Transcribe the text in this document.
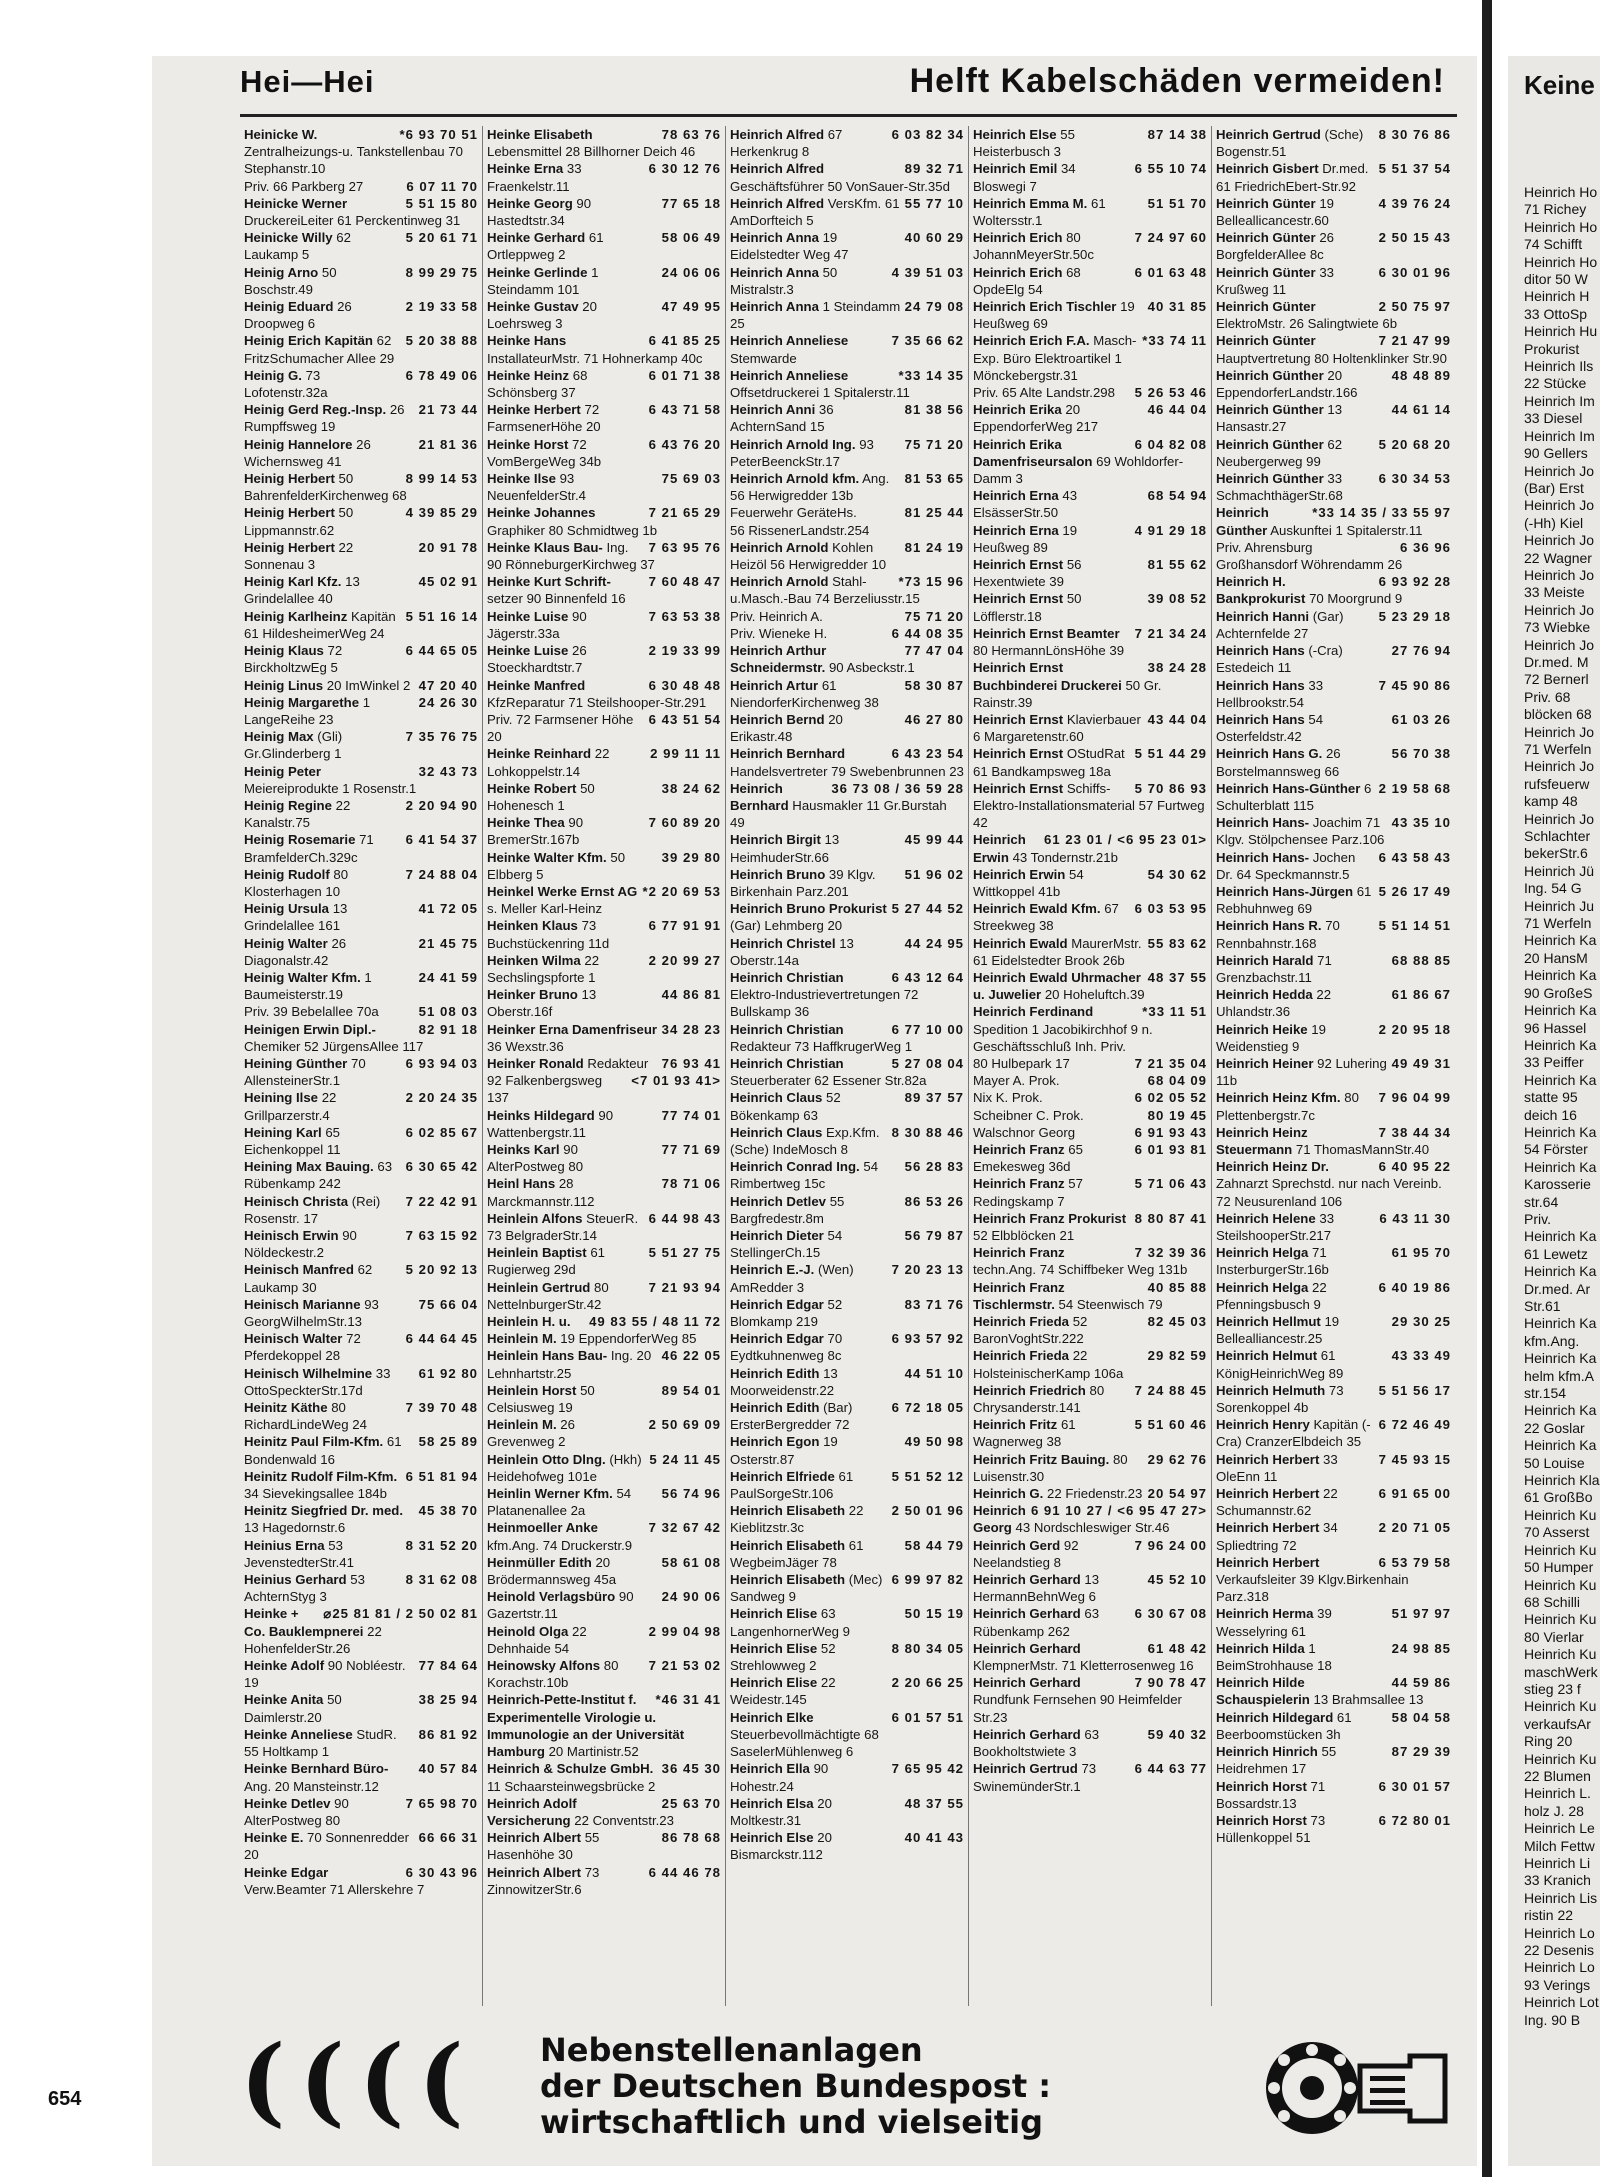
Hei—Hei	Helft Kabelschäden vermeiden!
*6 93 70 51
Heinicke W. Zentralheizungs-u. Tankstellenbau 70 Stephanstr.10
6 07 11 70
Priv. 66 Parkberg 27
5 51 15 80
Heinicke Werner DruckereiLeiter 61 Perckentinweg 31
5 20 61 71
Heinicke Willy 62 Laukamp 5
8 99 29 75
Heinig Arno 50 Boschstr.49
2 19 33 58
Heinig Eduard 26 Droopweg 6
5 20 38 88
Heinig Erich Kapitän 62 FritzSchumacher Allee 29
6 78 49 06
Heinig G. 73 Lofotenstr.32a
21 73 44
Heinig Gerd Reg.-Insp. 26 Rumpffsweg 19
21 81 36
Heinig Hannelore 26 Wichernsweg 41
8 99 14 53
Heinig Herbert 50 BahrenfelderKirchenweg 68
4 39 85 29
Heinig Herbert 50 Lippmannstr.62
20 91 78
Heinig Herbert 22 Sonnenau 3
45 02 91
Heinig Karl Kfz. 13 Grindelallee 40
5 51 16 14
Heinig Karlheinz Kapitän 61 HildesheimerWeg 24
6 44 65 05
Heinig Klaus 72 BirckholtzwEg 5
47 20 40
Heinig Linus 20 ImWinkel 2
24 26 30
Heinig Margarethe 1 LangeReihe 23
7 35 76 75
Heinig Max (Gli) Gr.Glinderberg 1
32 43 73
Heinig Peter Meiereiprodukte 1 Rosenstr.1
2 20 94 90
Heinig Regine 22 Kanalstr.75
6 41 54 37
Heinig Rosemarie 71 BramfelderCh.329c
7 24 88 04
Heinig Rudolf 80 Klosterhagen 10
41 72 05
Heinig Ursula 13 Grindelallee 161
21 45 75
Heinig Walter 26 Diagonalstr.42
24 41 59
Heinig Walter Kfm. 1 Baumeisterstr.19
51 08 03
Priv. 39 Bebelallee 70a
82 91 18
Heinigen Erwin Dipl.- Chemiker 52 JürgensAllee 117
6 93 94 03
Heining Günther 70 AllensteinerStr.1
2 20 24 35
Heining Ilse 22 Grillparzerstr.4
6 02 85 67
Heining Karl 65 Eichenkoppel 11
6 30 65 42
Heining Max Bauing. 63 Rübenkamp 242
7 22 42 91
Heinisch Christa (Rei) Rosenstr. 17
7 63 15 92
Heinisch Erwin 90 Nöldeckestr.2
5 20 92 13
Heinisch Manfred 62 Laukamp 30
75 66 04
Heinisch Marianne 93 GeorgWilhelmStr.13
6 44 64 45
Heinisch Walter 72 Pferdekoppel 28
61 92 80
Heinisch Wilhelmine 33 OttoSpeckterStr.17d
7 39 70 48
Heinitz Käthe 80 RichardLindeWeg 24
58 25 89
Heinitz Paul Film-Kfm. 61 Bondenwald 16
6 51 81 94
Heinitz Rudolf Film-Kfm. 34 Sievekingsallee 184b
45 38 70
Heinitz Siegfried Dr. med. 13 Hagedornstr.6
8 31 52 20
Heinius Erna 53 JevenstedterStr.41
8 31 62 08
Heinius Gerhard 53 AchternStyg 3
⌀25 81 81 / 2 50 02 81
Heinke + Co. Bauklempnerei 22 HohenfelderStr.26
77 84 64
Heinke Adolf 90 Nobléestr. 19
38 25 94
Heinke Anita 50 Daimlerstr.20
86 81 92
Heinke Anneliese StudR. 55 Holtkamp 1
40 57 84
Heinke Bernhard Büro- Ang. 20 Mansteinstr.12
7 65 98 70
Heinke Detlev 90 AlterPostweg 80
66 66 31
Heinke E. 70 Sonnenredder 20
6 30 43 96
Heinke Edgar Verw.Beamter 71 Allerskehre 7
78 63 76
Heinke Elisabeth Lebensmittel 28 Billhorner Deich 46
6 30 12 76
Heinke Erna 33 Fraenkelstr.11
77 65 18
Heinke Georg 90 Hastedtstr.34
58 06 49
Heinke Gerhard 61 Ortleppweg 2
24 06 06
Heinke Gerlinde 1 Steindamm 101
47 49 95
Heinke Gustav 20 Loehrsweg 3
6 41 85 25
Heinke Hans InstallateurMstr. 71 Hohnerkamp 40c
6 01 71 38
Heinke Heinz 68 Schönsberg 37
6 43 71 58
Heinke Herbert 72 FarmsenerHöhe 20
6 43 76 20
Heinke Horst 72 VomBergeWeg 34b
75 69 03
Heinke Ilse 93 NeuenfelderStr.4
7 21 65 29
Heinke Johannes Graphiker 80 Schmidtweg 1b
7 63 95 76
Heinke Klaus Bau- Ing. 90 RönneburgerKirchweg 37
7 60 48 47
Heinke Kurt Schrift- setzer 90 Binnenfeld 16
7 63 53 38
Heinke Luise 90 Jägerstr.33a
2 19 33 99
Heinke Luise 26 Stoeckhardtstr.7
6 30 48 48
Heinke Manfred KfzReparatur 71 Steilshooper-Str.291
6 43 51 54
Priv. 72 Farmsener Höhe 20
2 99 11 11
Heinke Reinhard 22 Lohkoppelstr.14
38 24 62
Heinke Robert 50 Hohenesch 1
7 60 89 20
Heinke Thea 90 BremerStr.167b
39 29 80
Heinke Walter Kfm. 50 Elbberg 5
*2 20 69 53
Heinkel Werke Ernst AG s. Meller Karl-Heinz
6 77 91 91
Heinken Klaus 73 Buchstückenring 11d
2 20 99 27
Heinken Wilma 22 Sechslingspforte 1
44 86 81
Heinker Bruno 13 Oberstr.16f
34 28 23
Heinker Erna Damenfriseur 36 Wexstr.36
76 93 41
Heinker Ronald Redakteur
<7 01 93 41>
92 Falkenbergsweg 137
77 74 01
Heinks Hildegard 90 Wattenbergstr.11
77 71 69
Heinks Karl 90 AlterPostweg 80
78 71 06
Heinl Hans 28 Marckmannstr.112
6 44 98 43
Heinlein Alfons SteuerR. 73 BelgraderStr.14
5 51 27 75
Heinlein Baptist 61 Rugierweg 29d
7 21 93 94
Heinlein Gertrud 80 NettelnburgerStr.42
49 83 55 / 48 11 72
Heinlein H. u. Heinlein M. 19 EppendorferWeg 85
46 22 05
Heinlein Hans Bau- Ing. 20 Lehnhartstr.25
89 54 01
Heinlein Horst 50 Celsiusweg 19
2 50 69 09
Heinlein M. 26 Grevenweg 2
5 24 11 45
Heinlein Otto Dlng. (Hkh) Heidehofweg 101e
56 74 96
Heinlin Werner Kfm. 54 Platanenallee 2a
7 32 67 42
Heinmoeller Anke kfm.Ang. 74 Druckerstr.9
58 61 08
Heinmüller Edith 20 Brödermannsweg 45a
24 90 06
Heinold Verlagsbüro 90 Gazertstr.11
2 99 04 98
Heinold Olga 22 Dehnhaide 54
7 21 53 02
Heinowsky Alfons 80 Korachstr.10b
*46 31 41
Heinrich-Pette-Institut f. Experimentelle Virologie u. Immunologie an der Universität Hamburg 20 Martinistr.52
36 45 30
Heinrich & Schulze GmbH. 11 Schaarsteinwegsbrücke 2
25 63 70
Heinrich Adolf Versicherung 22 Conventstr.23
86 78 68
Heinrich Albert 55 Hasenhöhe 30
6 44 46 78
Heinrich Albert 73 ZinnowitzerStr.6
6 03 82 34
Heinrich Alfred 67 Herkenkrug 8
89 32 71
Heinrich Alfred Geschäftsführer 50 VonSauer-Str.35d
55 77 10
Heinrich Alfred VersKfm. 61 AmDorfteich 5
40 60 29
Heinrich Anna 19 Eidelstedter Weg 47
4 39 51 03
Heinrich Anna 50 Mistralstr.3
24 79 08
Heinrich Anna 1 Steindamm 25
7 35 66 62
Heinrich Anneliese Stemwarde
*33 14 35
Heinrich Anneliese Offsetdruckerei 1 Spitalerstr.11
81 38 56
Heinrich Anni 36 AchternSand 15
75 71 20
Heinrich Arnold Ing. 93 PeterBeenckStr.17
81 53 65
Heinrich Arnold kfm. Ang. 56 Herwigredder 13b
81 25 44
Feuerwehr GeräteHs.
56 RissenerLandstr.254
81 24 19
Heinrich Arnold Kohlen Heizöl 56 Herwigredder 10
*73 15 96
Heinrich Arnold Stahl-u.Masch.-Bau 74 Berzeliusstr.15
75 71 20
Priv. Heinrich A.
6 44 08 35
Priv. Wieneke H.
77 47 04
Heinrich Arthur Schneidermstr. 90 Asbeckstr.1
58 30 87
Heinrich Artur 61 NiendorferKirchenweg 38
46 27 80
Heinrich Bernd 20 Erikastr.48
6 43 23 54
Heinrich Bernhard Handelsvertreter 79 Swebenbrunnen 23
36 73 08 / 36 59 28
Heinrich Bernhard Hausmakler 11 Gr.Burstah 49
45 99 44
Heinrich Birgit 13 HeimhuderStr.66
51 96 02
Heinrich Bruno 39 Klgv. Birkenhain Parz.201
5 27 44 52
Heinrich Bruno Prokurist (Gar) Lehmberg 20
44 24 95
Heinrich Christel 13 Oberstr.14a
6 43 12 64
Heinrich Christian Elektro-Industrievertretungen 72 Bullskamp 36
6 77 10 00
Heinrich Christian Redakteur 73 HaffkrugerWeg 1
5 27 08 04
Heinrich Christian Steuerberater 62 Essener Str.82a
89 37 57
Heinrich Claus 52 Bökenkamp 63
8 30 88 46
Heinrich Claus Exp.Kfm. (Sche) IndeMosch 8
56 28 83
Heinrich Conrad Ing. 54 Rimbertweg 15c
86 53 26
Heinrich Detlev 55 Bargfredestr.8m
56 79 87
Heinrich Dieter 54 StellingerCh.15
7 20 23 13
Heinrich E.-J. (Wen) AmRedder 3
83 71 76
Heinrich Edgar 52 Blomkamp 219
6 93 57 92
Heinrich Edgar 70 Eydtkuhnenweg 8c
44 51 10
Heinrich Edith 13 Moorweidenstr.22
6 72 18 05
Heinrich Edith (Bar) ErsterBergredder 72
49 50 98
Heinrich Egon 19 Osterstr.87
5 51 52 12
Heinrich Elfriede 61 PaulSorgeStr.106
2 50 01 96
Heinrich Elisabeth 22 Kieblitzstr.3c
58 44 79
Heinrich Elisabeth 61 WegbeimJäger 78
6 99 97 82
Heinrich Elisabeth (Mec) Sandweg 9
50 15 19
Heinrich Elise 63 LangenhornerWeg 9
8 80 34 05
Heinrich Elise 52 Strehlowweg 2
2 20 66 25
Heinrich Elise 22 Weidestr.145
6 01 57 51
Heinrich Elke Steuerbevollmächtigte 68 SaselerMühlenweg 6
7 65 95 42
Heinrich Ella 90 Hohestr.24
48 37 55
Heinrich Elsa 20 Moltkestr.31
40 41 43
Heinrich Else 20 Bismarckstr.112
87 14 38
Heinrich Else 55 Heisterbusch 3
6 55 10 74
Heinrich Emil 34 Bloswegi 7
51 51 70
Heinrich Emma M. 61 Woltersstr.1
7 24 97 60
Heinrich Erich 80 JohannMeyerStr.50c
6 01 63 48
Heinrich Erich 68 OpdeElg 54
40 31 85
Heinrich Erich Tischler 19 Heußweg 69
*33 74 11
Heinrich Erich F.A. Masch-Exp. Büro Elektroartikel 1 Mönckebergstr.31
5 26 53 46
Priv. 65 Alte Landstr.298
46 44 04
Heinrich Erika 20 EppendorferWeg 217
6 04 82 08
Heinrich Erika Damenfriseursalon 69 Wohldorfer-Damm 3
68 54 94
Heinrich Erna 43 ElsässerStr.50
4 91 29 18
Heinrich Erna 19 Heußweg 89
81 55 62
Heinrich Ernst 56 Hexentwiete 39
39 08 52
Heinrich Ernst 50 Löfflerstr.18
7 21 34 24
Heinrich Ernst Beamter 80 HermannLönsHöhe 39
38 24 28
Heinrich Ernst Buchbinderei Druckerei 50 Gr. Rainstr.39
43 44 04
Heinrich Ernst Klavierbauer 6 Margaretenstr.60
5 51 44 29
Heinrich Ernst OStudRat 61 Bandkampsweg 18a
5 70 86 93
Heinrich Ernst Schiffs-Elektro-Installationsmaterial 57 Furtweg 42
61 23 01 / <6 95 23 01>
Heinrich Erwin 43 Tondernstr.21b
54 30 62
Heinrich Erwin 54 Wittkoppel 41b
6 03 53 95
Heinrich Ewald Kfm. 67 Streekweg 38
55 83 62
Heinrich Ewald MaurerMstr. 61 Eidelstedter Brook 26b
48 37 55
Heinrich Ewald Uhrmacher u. Juwelier 20 Hoheluftch.39
*33 11 51
Heinrich Ferdinand Spedition 1 Jacobikirchhof 9 n. Geschäftsschluß Inh. Priv.
7 21 35 04
80 Hulbepark 17
68 04 09
Mayer A. Prok.
6 02 05 52
Nix K. Prok.
80 19 45
Scheibner C. Prok.
6 91 93 43
Walschnor Georg
6 01 93 81
Heinrich Franz 65 Emekesweg 36d
5 71 06 43
Heinrich Franz 57 Redingskamp 7
8 80 87 41
Heinrich Franz Prokurist 52 Elbblöcken 21
7 32 39 36
Heinrich Franz techn.Ang. 74 Schiffbeker Weg 131b
40 85 88
Heinrich Franz Tischlermstr. 54 Steenwisch 79
82 45 03
Heinrich Frieda 52 BaronVoghtStr.222
29 82 59
Heinrich Frieda 22 HolsteinischerKamp 106a
7 24 88 45
Heinrich Friedrich 80 Chrysanderstr.141
5 51 60 46
Heinrich Fritz 61 Wagnerweg 38
29 62 76
Heinrich Fritz Bauing. 80 Luisenstr.30
20 54 97
Heinrich G. 22 Friedenstr.23
6 91 10 27 / <6 95 47 27>
Heinrich Georg 43 Nordschleswiger Str.46
7 96 24 00
Heinrich Gerd 92 Neelandstieg 8
45 52 10
Heinrich Gerhard 13 HermannBehnWeg 6
6 30 67 08
Heinrich Gerhard 63 Rübenkamp 262
61 48 42
Heinrich Gerhard KlempnerMstr. 71 Kletterrosenweg 16
7 90 78 47
Heinrich Gerhard Rundfunk Fernsehen 90 Heimfelder Str.23
59 40 32
Heinrich Gerhard 63 Bookholtstwiete 3
6 44 63 77
Heinrich Gertrud 73 SwinemünderStr.1
8 30 76 86
Heinrich Gertrud (Sche) Bogenstr.51
5 51 37 54
Heinrich Gisbert Dr.med. 61 FriedrichEbert-Str.92
4 39 76 24
Heinrich Günter 19 Belleallicancestr.60
2 50 15 43
Heinrich Günter 26 BorgfelderAllee 8c
6 30 01 96
Heinrich Günter 33 Krußweg 11
2 50 75 97
Heinrich Günter ElektroMstr. 26 Salingtwiete 6b
7 21 47 99
Heinrich Günter Hauptvertretung 80 Holtenklinker Str.90
48 48 89
Heinrich Günther 20 EppendorferLandstr.166
44 61 14
Heinrich Günther 13 Hansastr.27
5 20 68 20
Heinrich Günther 62 Neubergerweg 99
6 30 34 53
Heinrich Günther 33 SchmachthägerStr.68
*33 14 35 / 33 55 97
Heinrich Günther Auskunftei 1 Spitalerstr.11
6 36 96
Priv. Ahrensburg
Großhansdorf Wöhrendamm 26
6 93 92 28
Heinrich H. Bankprokurist 70 Moorgrund 9
5 23 29 18
Heinrich Hanni (Gar) Achternfelde 27
27 76 94
Heinrich Hans (-Cra) Estedeich 11
7 45 90 86
Heinrich Hans 33 Hellbrookstr.54
61 03 26
Heinrich Hans 54 Osterfeldstr.42
56 70 38
Heinrich Hans G. 26 Borstelmannsweg 66
2 19 58 68
Heinrich Hans-Günther 6 Schulterblatt 115
43 35 10
Heinrich Hans- Joachim 71 Klgv. Stölpchensee Parz.106
6 43 58 43
Heinrich Hans- Jochen Dr. 64 Speckmannstr.5
5 26 17 49
Heinrich Hans-Jürgen 61 Rebhuhnweg 69
5 51 14 51
Heinrich Hans R. 70 Rennbahnstr.168
68 88 85
Heinrich Harald 71 Grenzbachstr.11
61 86 67
Heinrich Hedda 22 Uhlandstr.36
2 20 95 18
Heinrich Heike 19 Weidenstieg 9
49 49 31
Heinrich Heiner 92 Luhering 11b
7 96 04 99
Heinrich Heinz Kfm. 80 Plettenbergstr.7c
7 38 44 34
Heinrich Heinz Steuermann 71 ThomasMannStr.40
6 40 95 22
Heinrich Heinz Dr. Zahnarzt Sprechstd. nur nach Vereinb. 72 Neusurenland 106
6 43 11 30
Heinrich Helene 33 SteilshooperStr.217
61 95 70
Heinrich Helga 71 InsterburgerStr.16b
6 40 19 86
Heinrich Helga 22 Pfenningsbusch 9
29 30 25
Heinrich Hellmut 19 Bellealliancestr.25
43 33 49
Heinrich Helmut 61 KönigHeinrichWeg 89
5 51 56 17
Heinrich Helmuth 73 Sorenkoppel 4b
6 72 46 49
Heinrich Henry Kapitän (-Cra) CranzerElbdeich 35
7 45 93 15
Heinrich Herbert 33 OleEnn 11
6 91 65 00
Heinrich Herbert 22 Schumannstr.62
2 20 71 05
Heinrich Herbert 34 Spliedtring 72
6 53 79 58
Heinrich Herbert Verkaufsleiter 39 Klgv.Birkenhain Parz.318
51 97 97
Heinrich Herma 39 Wesselyring 61
24 98 85
Heinrich Hilda 1 BeimStrohhause 18
44 59 86
Heinrich Hilde Schauspielerin 13 Brahmsallee 13
58 04 58
Heinrich Hildegard 61 Beerboomstücken 3h
87 29 39
Heinrich Hinrich 55 Heidrehmen 17
6 30 01 57
Heinrich Horst 71 Bossardstr.13
6 72 80 01
Heinrich Horst 73 Hüllenkoppel 51
(((( Nebenstellenanlagen
der Deutschen Bundespost :
wirtschaftlich und vielseitig
654
Keine
Heinrich Ho
71 Richey
Heinrich Ho
74 Schifft
Heinrich Ho
ditor 50 W
Heinrich H
33 OttoSp
Heinrich Hu
Prokurist
Heinrich Ils
22 Stücke
Heinrich Im
33 Diesel
Heinrich Im
90 Gellers
Heinrich Jo
(Bar) Erst
Heinrich Jo
(-Hh) Kiel
Heinrich Jo
22 Wagner
Heinrich Jo
33 Meiste
Heinrich Jo
73 Wiebke
Heinrich Jo
Dr.med. M
72 Bernerl
Priv. 68
blöcken 68
Heinrich Jo
71 Werfeln
Heinrich Jo
rufsfeuerw
kamp 48
Heinrich Jo
Schlachter
bekerStr.6
Heinrich Jü
Ing. 54 G
Heinrich Ju
71 Werfeln
Heinrich Ka
20 HansM
Heinrich Ka
90 GroßeS
Heinrich Ka
96 Hassel
Heinrich Ka
33 Peiffer
Heinrich Ka
statte 95
deich 16
Heinrich Ka
54 Förster
Heinrich Ka
Karosserie
str.64
Priv.
Heinrich Ka
61 Lewetz
Heinrich Ka
Dr.med. Ar
Str.61
Heinrich Ka
kfm.Ang.
Heinrich Ka
helm kfm.A
str.154
Heinrich Ka
22 Goslar
Heinrich Ka
50 Louise
Heinrich Kla
61 GroßBo
Heinrich Ku
70 Asserst
Heinrich Ku
50 Humper
Heinrich Ku
68 Schilli
Heinrich Ku
80 Vierlar
Heinrich Ku
maschWerk
stieg 23 f
Heinrich Ku
verkaufsAr
Ring 20
Heinrich Ku
22 Blumen
Heinrich L.
holz J. 28
Heinrich Le
Milch Fettw
Heinrich Li
33 Kranich
Heinrich Lis
ristin 22
Heinrich Lo
22 Desenis
Heinrich Lo
93 Verings
Heinrich Lot
Ing. 90 B
